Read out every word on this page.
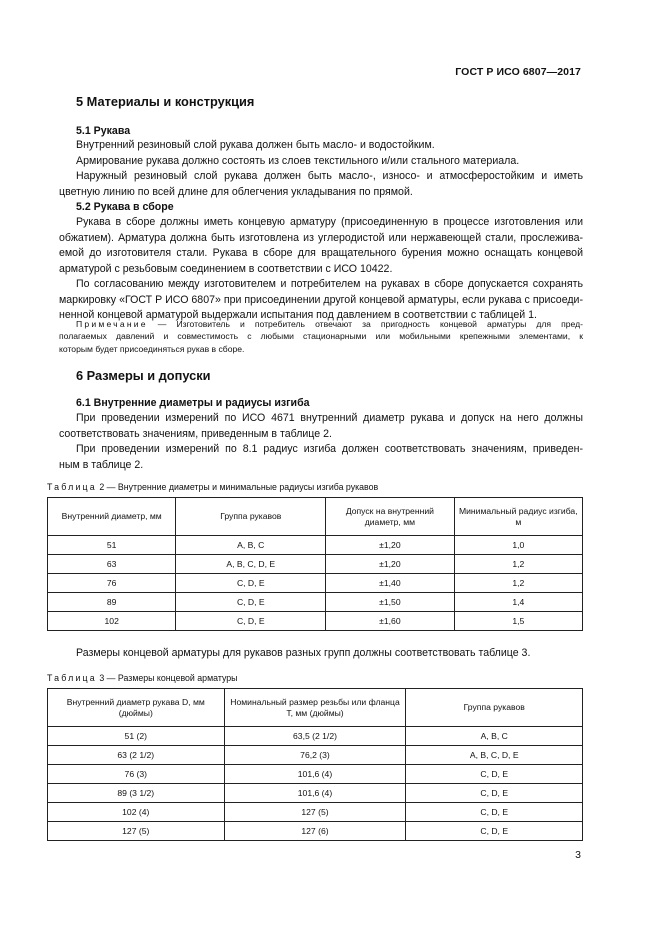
ГОСТ Р ИСО 6807—2017
5 Материалы и конструкция
5.1 Рукава
Внутренний резиновый слой рукава должен быть масло- и водостойким.
Армирование рукава должно состоять из слоев текстильного и/или стального материала.
Наружный резиновый слой рукава должен быть масло-, износо- и атмосферостойким и иметь
цветную линию по всей длине для облегчения укладывания по прямой.
5.2 Рукава в сборе
Рукава в сборе должны иметь концевую арматуру (присоединенную в процессе изготовления или
обжатием). Арматура должна быть изготовлена из углеродистой или нержавеющей стали, прослежива-
емой до изготовителя стали. Рукава в сборе для вращательного бурения можно оснащать концевой
арматурой с резьбовым соединением в соответствии с ИСО 10422.
По согласованию между изготовителем и потребителем на рукавах в сборе допускается сохранять
маркировку «ГОСТ Р ИСО 6807» при присоединении другой концевой арматуры, если рукава с присоеди-
ненной концевой арматурой выдержали испытания под давлением в соответствии с таблицей 1.
Примечание — Изготовитель и потребитель отвечают за пригодность концевой арматуры для пред-
полагаемых давлений и совместимость с любыми стационарными или мобильными крепежными элементами, к
которым будет присоединяться рукав в сборе.
6 Размеры и допуски
6.1 Внутренние диаметры и радиусы изгиба
При проведении измерений по ИСО 4671 внутренний диаметр рукава и допуск на него должны
соответствовать значениям, приведенным в таблице 2.
При проведении измерений по 8.1 радиус изгиба должен соответствовать значениям, приведен-
ным в таблице 2.
Таблица 2 — Внутренние диаметры и минимальные радиусы изгиба рукавов
Внутренний диаметр, мм	Группа рукавов	Допуск на внутренний диаметр, мм	Минимальный радиус изгиба, м
51	A, B, C	±1,20	1,0
63	A, B, C, D, E	±1,20	1,2
76	C, D, E	±1,40	1,2
89	C, D, E	±1,50	1,4
102	C, D, E	±1,60	1,5
Размеры концевой арматуры для рукавов разных групп должны соответствовать таблице 3.
Таблица 3 — Размеры концевой арматуры
Внутренний диаметр рукава D, мм (дюймы)	Номинальный размер резьбы или фланца T, мм (дюймы)	Группа рукавов
51 (2)	63,5 (2 1/2)	A, B, C
63 (2 1/2)	76,2 (3)	A, B, C, D, E
76 (3)	101,6 (4)	C, D, E
89 (3 1/2)	101,6 (4)	C, D, E
102 (4)	127 (5)	C, D, E
127 (5)	127 (6)	C, D, E
3
